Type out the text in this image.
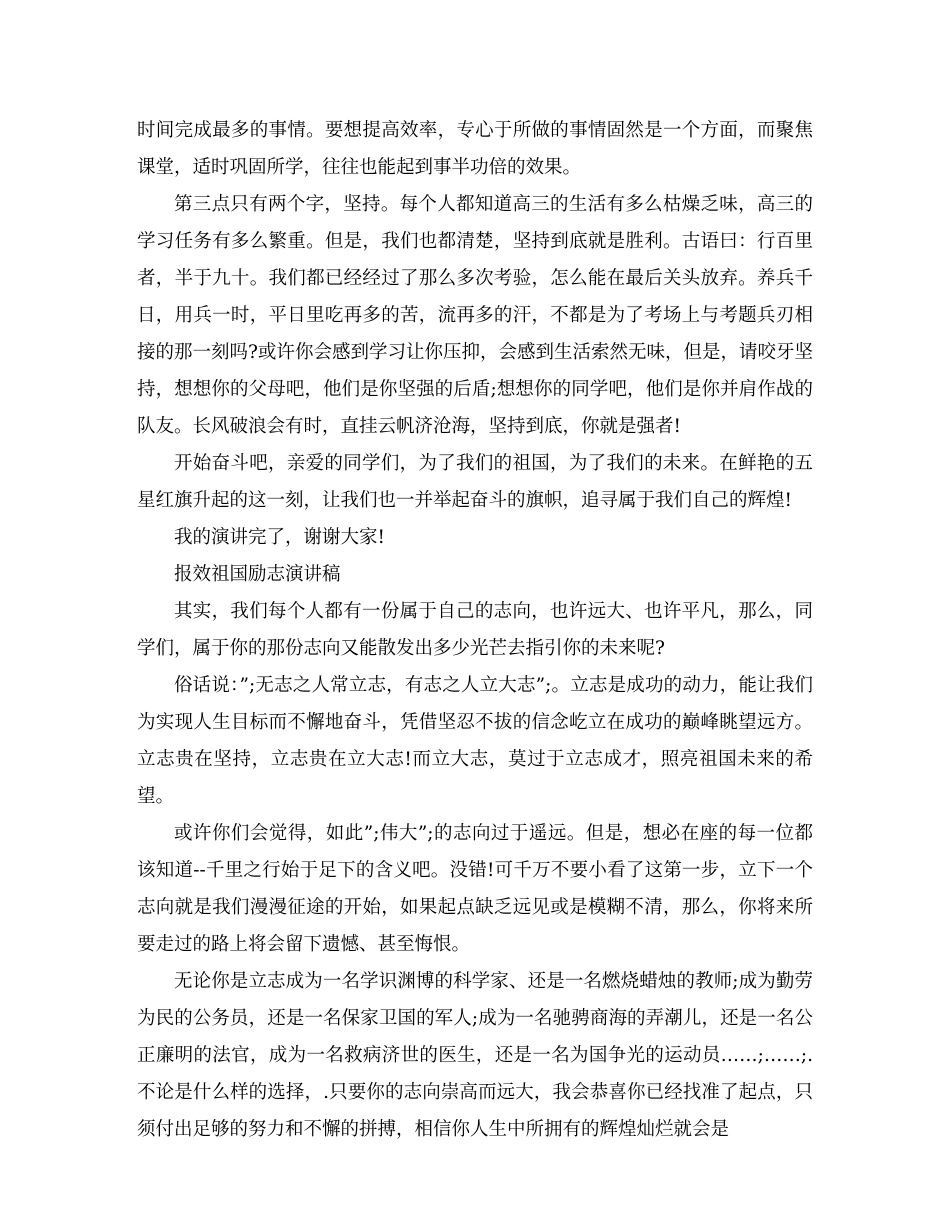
时间完成最多的事情。要想提高效率，专心于所做的事情固然是一个方面，而聚焦课堂，适时巩固所学，往往也能起到事半功倍的效果。

第三点只有两个字，坚持。每个人都知道高三的生活有多么枯燥乏味，高三的学习任务有多么繁重。但是，我们也都清楚，坚持到底就是胜利。古语曰：行百里者，半于九十。我们都已经经过了那么多次考验，怎么能在最后关头放弃。养兵千日，用兵一时，平日里吃再多的苦，流再多的汗，不都是为了考场上与考题兵刃相接的那一刻吗?或许你会感到学习让你压抑，会感到生活索然无味，但是，请咬牙坚持，想想你的父母吧，他们是你坚强的后盾;想想你的同学吧，他们是你并肩作战的队友。长风破浪会有时，直挂云帆济沧海，坚持到底，你就是强者!

开始奋斗吧，亲爱的同学们，为了我们的祖国，为了我们的未来。在鲜艳的五星红旗升起的这一刻，让我们也一并举起奋斗的旗帜，追寻属于我们自己的辉煌!

我的演讲完了，谢谢大家!

报效祖国励志演讲稿

其实，我们每个人都有一份属于自己的志向，也许远大、也许平凡，那么，同学们，属于你的那份志向又能散发出多少光芒去指引你的未来呢?

俗话说：”;无志之人常立志，有志之人立大志”;。立志是成功的动力，能让我们为实现人生目标而不懈地奋斗，凭借坚忍不拔的信念屹立在成功的巅峰眺望远方。立志贵在坚持，立志贵在立大志!而立大志，莫过于立志成才，照亮祖国未来的希望。

或许你们会觉得，如此”;伟大”;的志向过于遥远。但是，想必在座的每一位都该知道--千里之行始于足下的含义吧。没错!可千万不要小看了这第一步，立下一个志向就是我们漫漫征途的开始，如果起点缺乏远见或是模糊不清，那么，你将来所要走过的路上将会留下遗憾、甚至悔恨。

无论你是立志成为一名学识渊博的科学家、还是一名燃烧蜡烛的教师;成为勤劳为民的公务员，还是一名保家卫国的军人;成为一名驰骋商海的弄潮儿，还是一名公正廉明的法官，成为一名救病济世的医生，还是一名为国争光的运动员……;……;.不论是什么样的选择，.只要你的志向崇高而远大，我会恭喜你已经找准了起点，只须付出足够的努力和不懈的拼搏，相信你人生中所拥有的辉煌灿烂就会是
